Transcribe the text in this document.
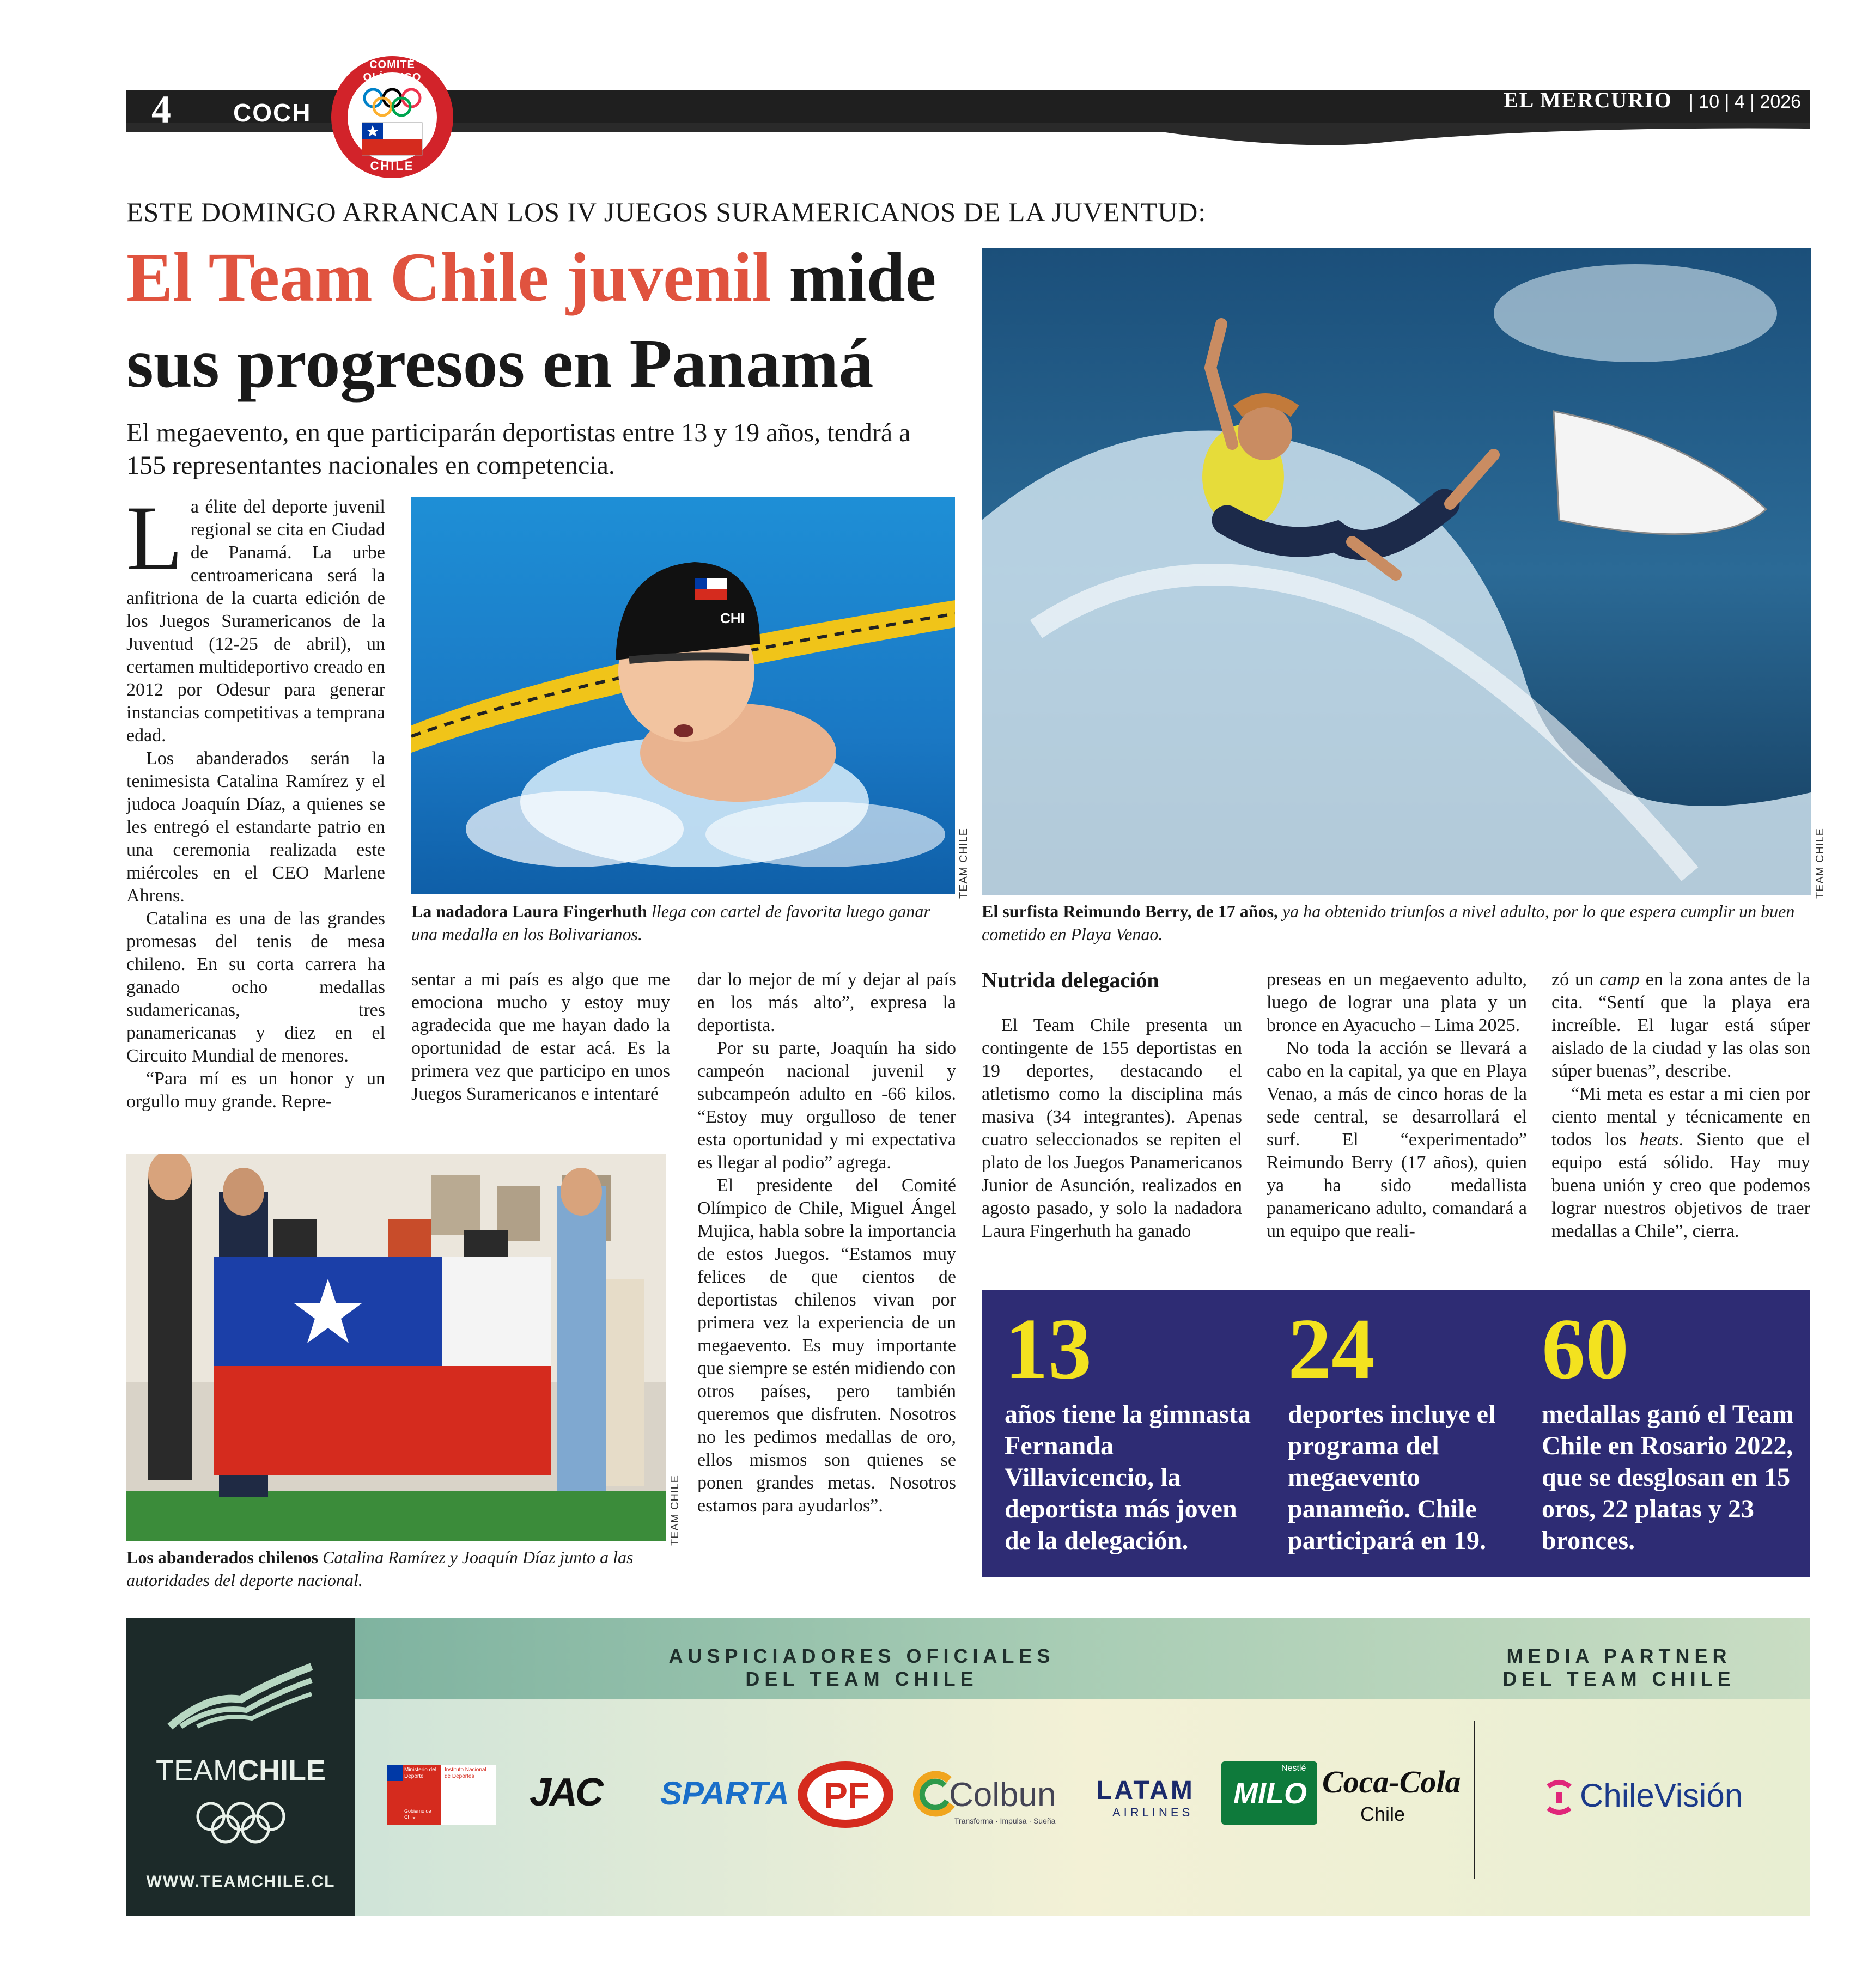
4 COCH
COMITÉ OLÍMPICO
CHILE
EL MERCURIO | 10 | 4 | 2026
ESTE DOMINGO ARRANCAN LOS IV JUEGOS SURAMERICANOS DE LA JUVENTUD:
El Team Chile juvenil mide
sus progresos en Panamá
El megaevento, en que participarán deportistas entre 13 y 19 años, tendrá a 155 representantes nacionales en competencia.

La élite del deporte juvenil regional se cita en Ciudad de Panamá. La urbe centroamericana será la anfitriona de la cuarta edición de los Juegos Suramericanos de la Juventud (12-25 de abril), un certamen multideportivo creado en 2012 por Odesur para generar instancias competitivas a temprana edad.

Los abanderados serán la tenimesista Catalina Ramírez y el judoca Joaquín Díaz, a quienes se les entregó el estandarte patrio en una ceremonia realizada este miércoles en el CEO Marlene Ahrens.

Catalina es una de las grandes promesas del tenis de mesa chileno. En su corta carrera ha ganado ocho medallas sudamericanas, tres panamericanas y diez en el Circuito Mundial de menores.

“Para mí es un honor y un orgullo muy grande. Repre-

CHI
TEAM CHILE
La nadadora Laura Fingerhuth llega con cartel de favorita luego ganar una medalla en los Bolivarianos.
TEAM CHILE
El surfista Reimundo Berry, de 17 años, ya ha obtenido triunfos a nivel adulto, por lo que espera cumplir un buen cometido en Playa Venao.

sentar a mi país es algo que me emociona mucho y estoy muy agradecida que me hayan dado la oportunidad de estar acá. Es la primera vez que participo en unos Juegos Suramericanos e intentaré

dar lo mejor de mí y dejar al país en los más alto”, expresa la deportista.

Por su parte, Joaquín ha sido campeón nacional juvenil y subcampeón adulto en -66 kilos. “Estoy muy orgulloso de tener esta oportunidad y mi expectativa es llegar al podio” agrega.

El presidente del Comité Olímpico de Chile, Miguel Ángel Mujica, habla sobre la importancia de estos Juegos. “Estamos muy felices de que cientos de deportistas chilenos vivan por primera vez la experiencia de un megaevento. Es muy importante que siempre se estén midiendo con otros países, pero también queremos que disfruten. Nosotros no les pedimos medallas de oro, ellos mismos son quienes se ponen grandes metas. Nosotros estamos para ayudarlos”.

TEAM CHILE
Los abanderados chilenos Catalina Ramírez y Joaquín Díaz junto a las autoridades del deporte nacional.
Nutrida delegación

El Team Chile presenta un contingente de 155 deportistas en 19 deportes, destacando el atletismo como la disciplina más masiva (34 integrantes). Apenas cuatro seleccionados se repiten el plato de los Juegos Panamericanos Junior de Asunción, realizados en agosto pasado, y solo la nadadora Laura Fingerhuth ha ganado

preseas en un megaevento adulto, luego de lograr una plata y un bronce en Ayacucho – Lima 2025.

No toda la acción se llevará a cabo en la capital, ya que en Playa Venao, a más de cinco horas de la sede central, se desarrollará el surf. El “experimentado” Reimundo Berry (17 años), quien ya ha sido medallista panamericano adulto, comandará a un equipo que reali-

zó un camp en la zona antes de la cita. “Sentí que la playa era increíble. El lugar está súper aislado de la ciudad y las olas son súper buenas”, describe.

“Mi meta es estar a mi cien por ciento mental y técnicamente en todos los heats. Siento que el equipo está sólido. Hay muy buena unión y creo que podemos lograr nuestros objetivos de traer medallas a Chile”, cierra.

13
años tiene la gimnasta Fernanda Villavicencio, la deportista más joven de la delegación.
24
deportes incluye el programa del megaevento panameño. Chile participará en 19.
60
medallas ganó el Team Chile en Rosario 2022, que se desglosan en 15 oros, 22 platas y 23 bronces.
TEAMCHILE
WWW.TEAMCHILE.CL
AUSPICIADORES OFICIALES
DEL TEAM CHILE
MEDIA PARTNER
DEL TEAM CHILE
Ministerio del Deporte
Instituto Nacional de Deportes
Gobierno de Chile
JAC SPARTA PF Colbun
Transforma · Impulsa · Sueña
LATAM
AIRLINES
Nestlé
MILO Coca-Cola
Chile
ChileVisión
